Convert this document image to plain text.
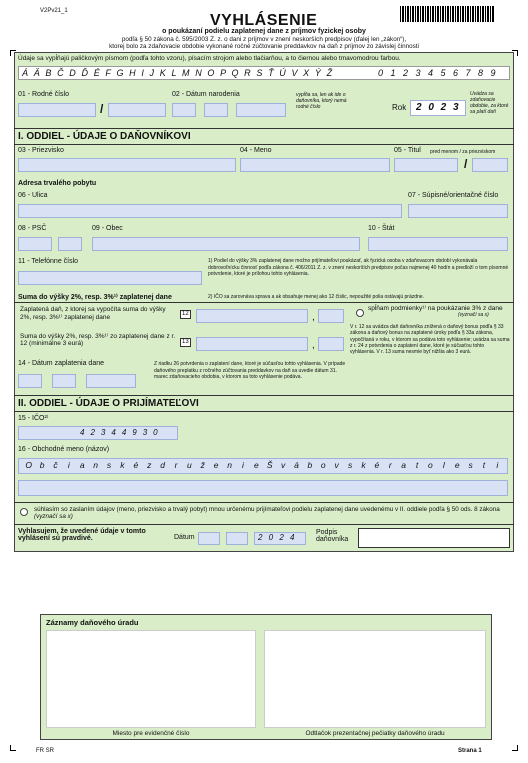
V2Pv21_1
VYHLÁSENIE
o poukázaní podielu zaplatenej dane z príjmov fyzickej osoby
podľa § 50 zákona č. 595/2003 Z. z. o dani z príjmov v znení neskorších predpisov (ďalej len „zákon“),
ktorej bolo za zdaňovacie obdobie vykonané ročné zúčtovanie preddavkov na daň z príjmov zo závislej činnosti
Údaje sa vypĺňajú paličkovým písmom (podľa tohto vzoru), písacím strojom alebo tlačiarňou, a to čiernou alebo tmavomodrou farbou.
Á Ä B Č D Ď É F G H I J K L M N O P Q R S Ť Ú V X Ý Ž	0 1 2 3 4 5 6 7 8 9
01 - Rodné číslo
/
02 - Dátum narodenia	vypĺňa sa, len ak ide o daňovníka, ktorý nemá rodné číslo	Rok 2 0 2 3
Uvádza sa zdaňovacie obdobie, za ktoré sa platí daň
I. ODDIEL - ÚDAJE O DAŇOVNÍKOVI
03 - Priezvisko	04 - Meno	05 - Titul pred menom / za priezviskom
/
Adresa trvalého pobytu
06 - Ulica	07 - Súpisné/orientačné číslo
08 - PSČ	09 - Obec	10 - Štát
11 - Telefónne číslo	1) Podiel do výšky 3% zaplatenej dane možno prijímateľovi poukázať, ak fyzická osoba v zdaňovacom období vykonávala dobrovoľnícku činnosť podľa zákona č. 406/2011 Z. z. v znení neskorších predpisov počas najmenej 40 hodín a predloží o tom písomné potvrdenie, ktoré je prílohou tohto vyhlásenia.
2) IČO sa zarovnáva sprava a ak obsahuje menej ako 12 číslic, nepoužité polia ostávajú prázdne.
Suma do výšky 2%, resp. 3%¹⁾ zaplatenej dane
Zaplatená daň, z ktorej sa vypočíta suma do výšky 2%, resp. 3%¹⁾ zaplatenej dane	12	,
spĺňam podmienky¹⁾ na poukázanie 3% z dane
(vyznačí sa x)
Suma do výšky 2%, resp. 3%¹⁾ zo zaplatenej dane z r. 12 (minimálne 3 eurá)	13	,
V r. 12 sa uvádza daň daňovníka znížená o daňový bonus podľa § 33 zákona a daňový bonus na zaplatené úroky podľa § 33a zákona, vypočítaná v roku, v ktorom sa podáva toto vyhlásenie; uvádza sa suma z r. 24 z potvrdenia o zaplatení dane, ktoré je súčasťou tohto vyhlásenia. V r. 13 suma nesmie byť nižšia ako 3 eurá.
14 - Dátum zaplatenia dane	Z riadku 26 potvrdenia o zaplatení dane, ktoré je súčasťou tohto vyhlásenia. V prípade daňového preplatku z ročného zúčtovania preddavkov na daň sa uvedie dátum 31. marec zdaňovacieho obdobia, v ktorom sa toto vyhlásenie podáva.
II. ODDIEL - ÚDAJE O PRIJÍMATEĽOVI
15 - IČO²⁾
4 2 3 4 4 9 3 0
16 - Obchodné meno (názov)
O b	č	i	a	n	s	k	é	z	d	r	u	ž	e	n	i	e Š v	á	b	o	v	s	k	é	r	a	t	o	l	e	s	t	i
súhlasím so zaslaním údajov (meno, priezvisko a trvalý pobyt) mnou určenému prijímateľovi podielu zaplatenej dane uvedenému v II. oddiele podľa § 50 ods. 8 zákona (vyznačí sa x)
Vyhlasujem, že uvedené údaje v tomto vyhlásení sú pravdivé.	Dátum	2 0 2 4
Podpis daňovníka
Záznamy daňového úradu
Miesto pre evidenčné číslo	Odtlačok prezentačnej pečiatky daňového úradu
FR SR	Strana 1
